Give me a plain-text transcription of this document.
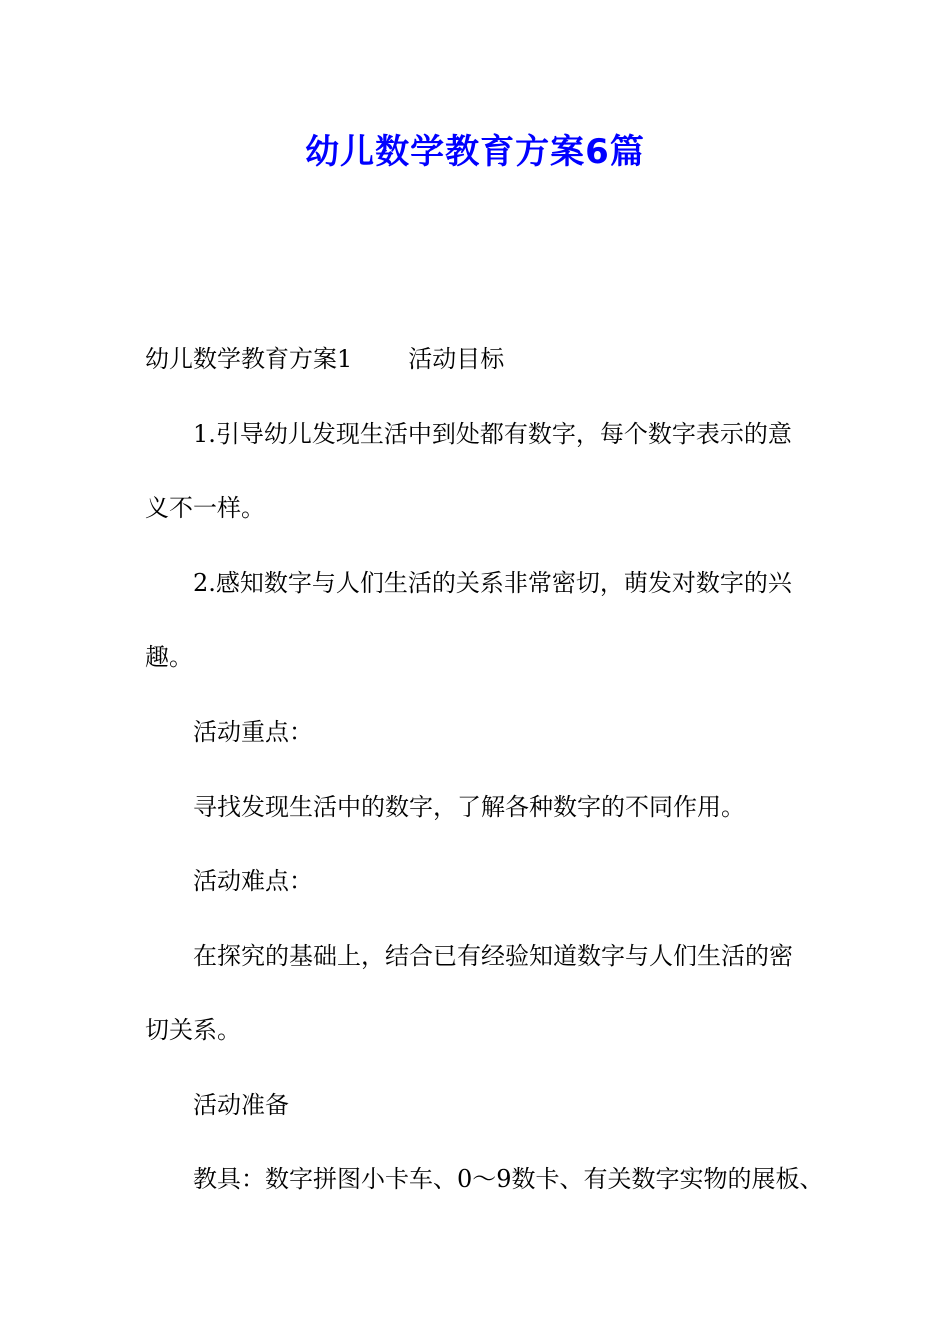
幼儿数学教育方案6篇
幼儿数学教育方案1 活动目标
1.引导幼儿发现生活中到处都有数字，每个数字表示的意
义不一样。
2.感知数字与人们生活的关系非常密切，萌发对数字的兴
趣。
活动重点：
寻找发现生活中的数字，了解各种数字的不同作用。
活动难点：
在探究的基础上，结合已有经验知道数字与人们生活的密
切关系。
活动准备
教具：数字拼图小卡车、0～9数卡、有关数字实物的展板、
